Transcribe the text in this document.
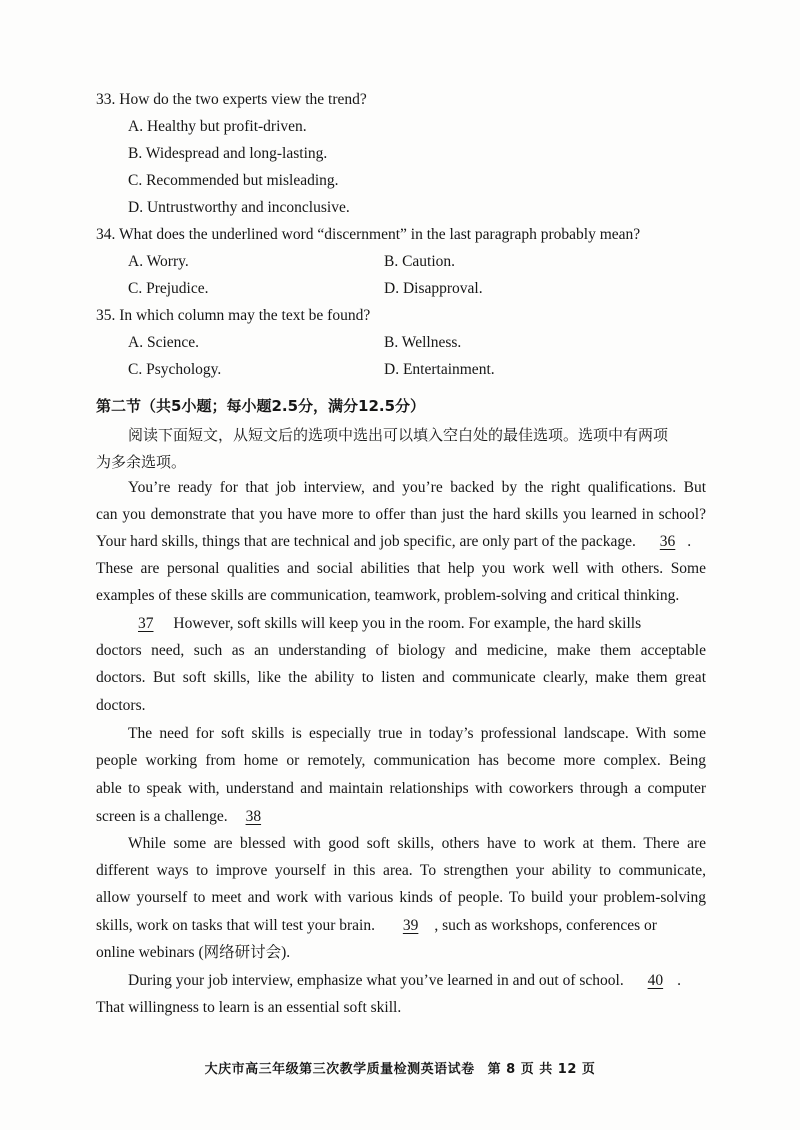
33. How do the two experts view the trend?
A. Healthy but profit-driven.
B. Widespread and long-lasting.
C. Recommended but misleading.
D. Untrustworthy and inconclusive.
34. What does the underlined word “discernment” in the last paragraph probably mean?
A. Worry.	B. Caution.
C. Prejudice.	D. Disapproval.
35. In which column may the text be found?
A. Science.	B. Wellness.
C. Psychology.	D. Entertainment.
第二节（共5小题；每小题2.5分，满分12.5分）
阅读下面短文，从短文后的选项中选出可以填入空白处的最佳选项。选项中有两项
为多余选项。
You’re ready for that job interview, and you’re backed by the right qualifications. But
can you demonstrate that you have more to offer than just the hard skills you learned in school?
Your hard skills, things that are technical and job specific, are only part of the package. 36 .
These are personal qualities and social abilities that help you work well with others. Some
examples of these skills are communication, teamwork, problem-solving and critical thinking.
37 However, soft skills will keep you in the room. For example, the hard skills
doctors need, such as an understanding of biology and medicine, make them acceptable
doctors. But soft skills, like the ability to listen and communicate clearly, make them great
doctors.
The need for soft skills is especially true in today’s professional landscape. With some
people working from home or remotely, communication has become more complex. Being
able to speak with, understand and maintain relationships with coworkers through a computer
screen is a challenge. 38
While some are blessed with good soft skills, others have to work at them. There are
different ways to improve yourself in this area. To strengthen your ability to communicate,
allow yourself to meet and work with various kinds of people. To build your problem-solving
skills, work on tasks that will test your brain. 39 , such as workshops, conferences or
online webinars (网络研讨会).
During your job interview, emphasize what you’ve learned in and out of school. 40 .
That willingness to learn is an essential soft skill.
大庆市高三年级第三次教学质量检测英语试卷 第 8 页 共 12 页
